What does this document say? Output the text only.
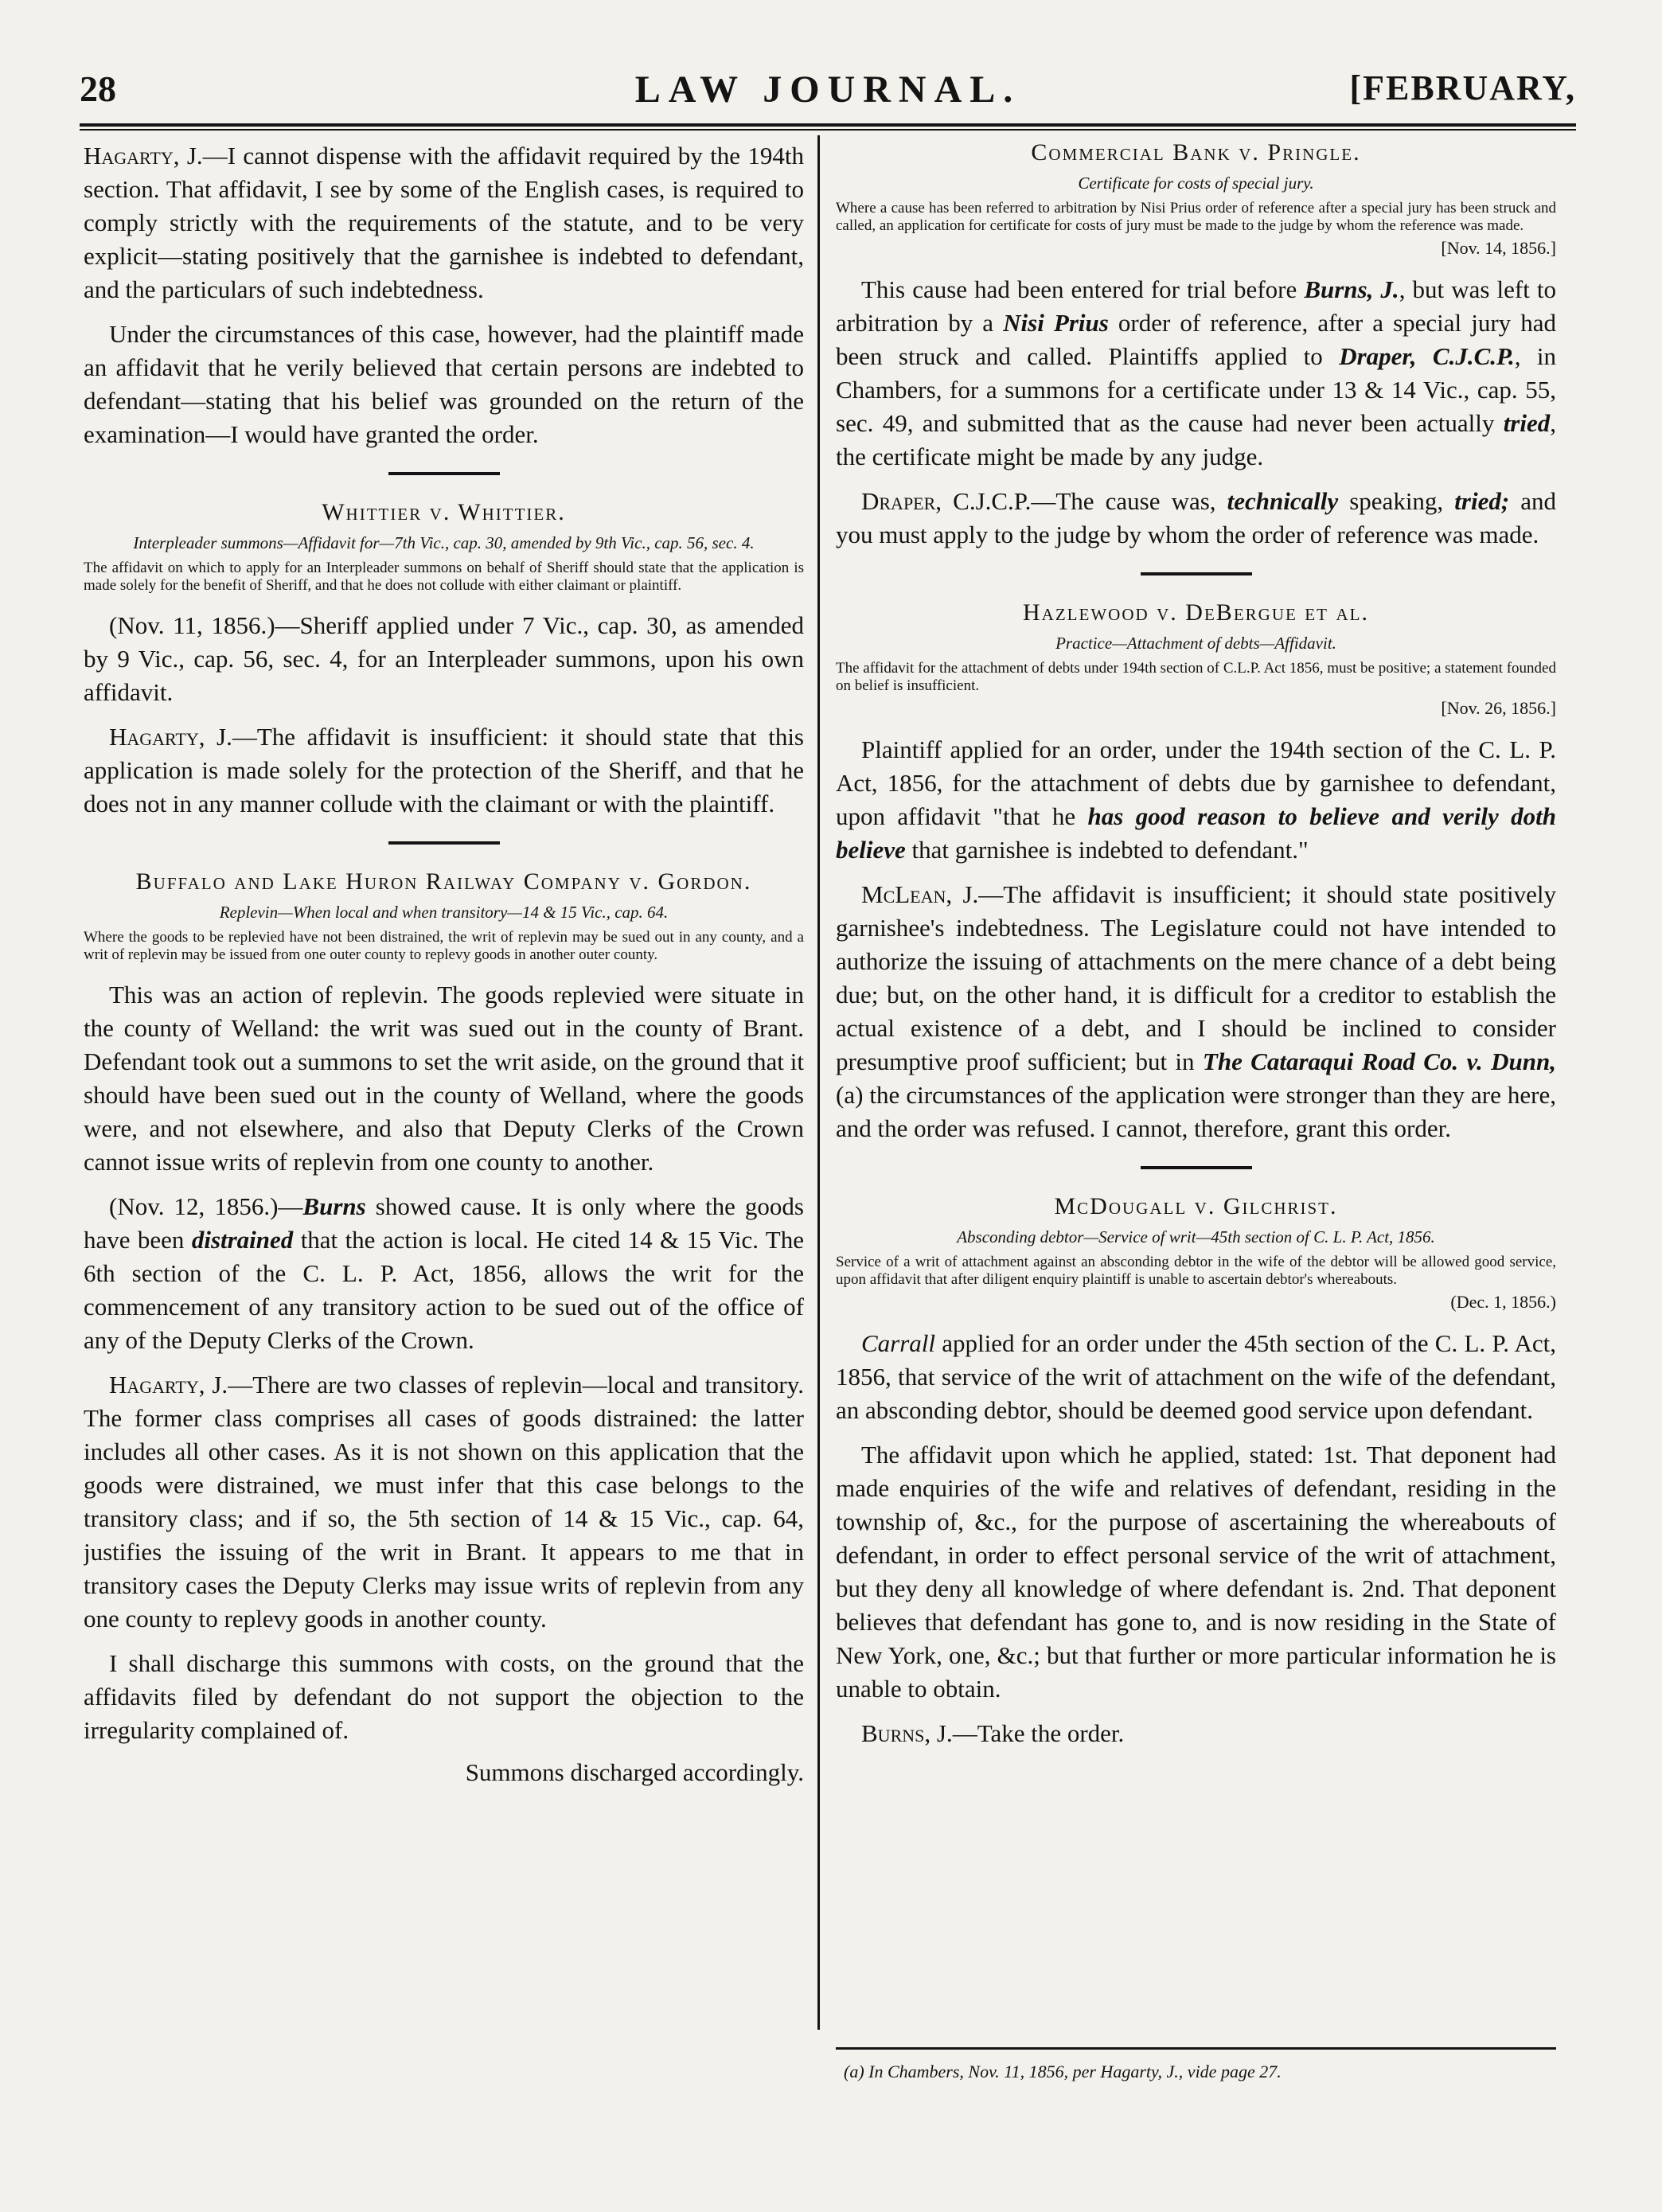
28	LAW JOURNAL.	[FEBRUARY,

Hagarty, J.—I cannot dispense with the affidavit required by the 194th section. That affidavit, I see by some of the English cases, is required to comply strictly with the requirements of the statute, and to be very explicit—stating positively that the garnishee is indebted to defendant, and the particulars of such indebtedness.

Under the circumstances of this case, however, had the plaintiff made an affidavit that he verily believed that certain persons are indebted to defendant—stating that his belief was grounded on the return of the examination—I would have granted the order.

Whittier v. Whittier.
Interpleader summons—Affidavit for—7th Vic., cap. 30, amended by 9th Vic., cap. 56, sec. 4.
The affidavit on which to apply for an Interpleader summons on behalf of Sheriff should state that the application is made solely for the benefit of Sheriff, and that he does not collude with either claimant or plaintiff.

(Nov. 11, 1856.)—Sheriff applied under 7 Vic., cap. 30, as amended by 9 Vic., cap. 56, sec. 4, for an Interpleader summons, upon his own affidavit.

Hagarty, J.—The affidavit is insufficient: it should state that this application is made solely for the protection of the Sheriff, and that he does not in any manner collude with the claimant or with the plaintiff.

Buffalo and Lake Huron Railway Company v. Gordon.
Replevin—When local and when transitory—14 & 15 Vic., cap. 64.
Where the goods to be replevied have not been distrained, the writ of replevin may be sued out in any county, and a writ of replevin may be issued from one outer county to replevy goods in another outer county.

This was an action of replevin. The goods replevied were situate in the county of Welland: the writ was sued out in the county of Brant. Defendant took out a summons to set the writ aside, on the ground that it should have been sued out in the county of Welland, where the goods were, and not elsewhere, and also that Deputy Clerks of the Crown cannot issue writs of replevin from one county to another.

(Nov. 12, 1856.)—Burns showed cause. It is only where the goods have been distrained that the action is local. He cited 14 & 15 Vic. The 6th section of the C. L. P. Act, 1856, allows the writ for the commencement of any transitory action to be sued out of the office of any of the Deputy Clerks of the Crown.

Hagarty, J.—There are two classes of replevin—local and transitory. The former class comprises all cases of goods distrained: the latter includes all other cases. As it is not shown on this application that the goods were distrained, we must infer that this case belongs to the transitory class; and if so, the 5th section of 14 & 15 Vic., cap. 64, justifies the issuing of the writ in Brant. It appears to me that in transitory cases the Deputy Clerks may issue writs of replevin from any one county to replevy goods in another county.

I shall discharge this summons with costs, on the ground that the affidavits filed by defendant do not support the objection to the irregularity complained of.

Summons discharged accordingly.
Commercial Bank v. Pringle.
Certificate for costs of special jury.
Where a cause has been referred to arbitration by Nisi Prius order of reference after a special jury has been struck and called, an application for certificate for costs of jury must be made to the judge by whom the reference was made.
[Nov. 14, 1856.]

This cause had been entered for trial before Burns, J., but was left to arbitration by a Nisi Prius order of reference, after a special jury had been struck and called. Plaintiffs applied to Draper, C.J.C.P., in Chambers, for a summons for a certificate under 13 & 14 Vic., cap. 55, sec. 49, and submitted that as the cause had never been actually tried, the certificate might be made by any judge.

Draper, C.J.C.P.—The cause was, technically speaking, tried; and you must apply to the judge by whom the order of reference was made.

Hazlewood v. DeBergue et al.
Practice—Attachment of debts—Affidavit.
The affidavit for the attachment of debts under 194th section of C.L.P. Act 1856, must be positive; a statement founded on belief is insufficient.
[Nov. 26, 1856.]

Plaintiff applied for an order, under the 194th section of the C. L. P. Act, 1856, for the attachment of debts due by garnishee to defendant, upon affidavit "that he has good reason to believe and verily doth believe that garnishee is indebted to defendant."

McLean, J.—The affidavit is insufficient; it should state positively garnishee's indebtedness. The Legislature could not have intended to authorize the issuing of attachments on the mere chance of a debt being due; but, on the other hand, it is difficult for a creditor to establish the actual existence of a debt, and I should be inclined to consider presumptive proof sufficient; but in The Cataraqui Road Co. v. Dunn,(a) the circumstances of the application were stronger than they are here, and the order was refused. I cannot, therefore, grant this order.

McDougall v. Gilchrist.
Absconding debtor—Service of writ—45th section of C. L. P. Act, 1856.
Service of a writ of attachment against an absconding debtor in the wife of the debtor will be allowed good service, upon affidavit that after diligent enquiry plaintiff is unable to ascertain debtor's whereabouts.
(Dec. 1, 1856.)

Carrall applied for an order under the 45th section of the C. L. P. Act, 1856, that service of the writ of attachment on the wife of the defendant, an absconding debtor, should be deemed good service upon defendant.

The affidavit upon which he applied, stated: 1st. That deponent had made enquiries of the wife and relatives of defendant, residing in the township of, &c., for the purpose of ascertaining the whereabouts of defendant, in order to effect personal service of the writ of attachment, but they deny all knowledge of where defendant is. 2nd. That deponent believes that defendant has gone to, and is now residing in the State of New York, one, &c.; but that further or more particular information he is unable to obtain.

Burns, J.—Take the order.

(a) In Chambers, Nov. 11, 1856, per Hagarty, J., vide page 27.
